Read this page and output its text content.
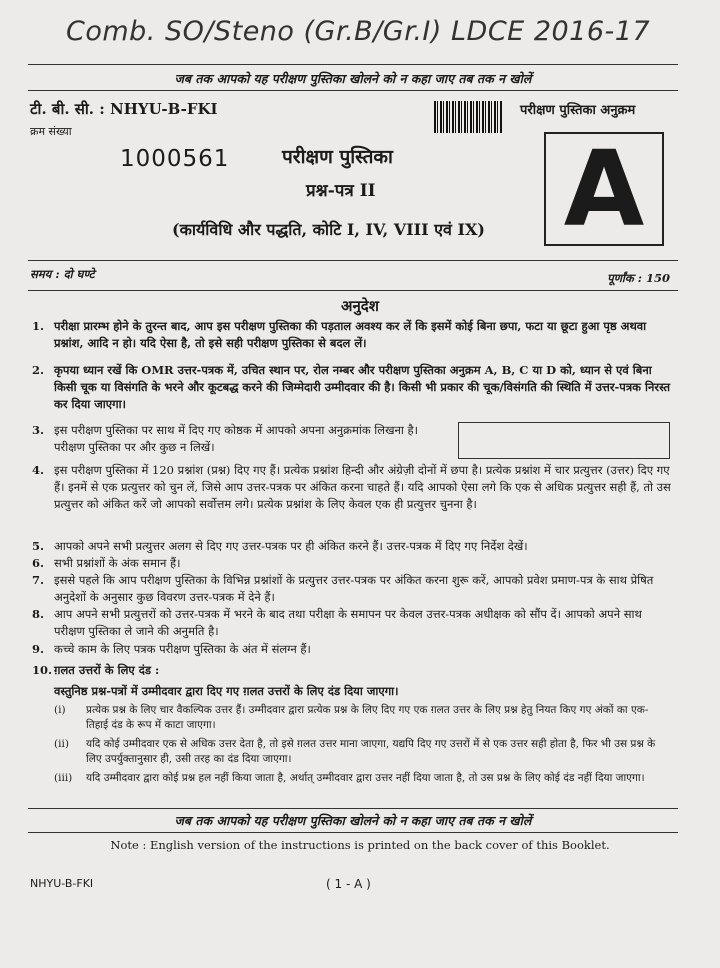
Comb. SO/Steno (Gr.B/Gr.I) LDCE 2016-17
जब तक आपको यह परीक्षण पुस्तिका खोलने को न कहा जाए तब तक न खोलें
टी. बी. सी. : NHYU-B-FKI
क्रम संख्या
1000561
परीक्षण पुस्तिका अनुक्रम
A
परीक्षण पुस्तिका
प्रश्न-पत्र II
(कार्यविधि और पद्धति, कोटि I, IV, VIII एवं IX)
समय : दो घण्टे	पूर्णांक : 150
अनुदेश
1. परीक्षा प्रारम्भ होने के तुरन्त बाद, आप इस परीक्षण पुस्तिका की पड़ताल अवश्य कर लें कि इसमें कोई बिना छपा, फटा या छूटा हुआ पृष्ठ अथवा प्रश्नांश, आदि न हो। यदि ऐसा है, तो इसे सही परीक्षण पुस्तिका से बदल लें।
2. कृपया ध्यान रखें कि OMR उत्तर-पत्रक में, उचित स्थान पर, रोल नम्बर और परीक्षण पुस्तिका अनुक्रम A, B, C या D को, ध्यान से एवं बिना किसी चूक या विसंगति के भरने और कूटबद्ध करने की जिम्मेदारी उम्मीदवार की है। किसी भी प्रकार की चूक/विसंगति की स्थिति में उत्तर-पत्रक निरस्त कर दिया जाएगा।
3. इस परीक्षण पुस्तिका पर साथ में दिए गए कोष्ठक में आपको अपना अनुक्रमांक लिखना है। परीक्षण पुस्तिका पर और कुछ न लिखें।
4. इस परीक्षण पुस्तिका में 120 प्रश्नांश (प्रश्न) दिए गए हैं। प्रत्येक प्रश्नांश हिन्दी और अंग्रेज़ी दोनों में छपा है। प्रत्येक प्रश्नांश में चार प्रत्युत्तर (उत्तर) दिए गए हैं। इनमें से एक प्रत्युत्तर को चुन लें, जिसे आप उत्तर-पत्रक पर अंकित करना चाहते हैं। यदि आपको ऐसा लगे कि एक से अधिक प्रत्युत्तर सही हैं, तो उस प्रत्युत्तर को अंकित करें जो आपको सर्वोत्तम लगे। प्रत्येक प्रश्नांश के लिए केवल एक ही प्रत्युत्तर चुनना है।
5. आपको अपने सभी प्रत्युत्तर अलग से दिए गए उत्तर-पत्रक पर ही अंकित करने हैं। उत्तर-पत्रक में दिए गए निर्देश देखें।
6. सभी प्रश्नांशों के अंक समान हैं।
7. इससे पहले कि आप परीक्षण पुस्तिका के विभिन्न प्रश्नांशों के प्रत्युत्तर उत्तर-पत्रक पर अंकित करना शुरू करें, आपको प्रवेश प्रमाण-पत्र के साथ प्रेषित अनुदेशों के अनुसार कुछ विवरण उत्तर-पत्रक में देने हैं।
8. आप अपने सभी प्रत्युत्तरों को उत्तर-पत्रक में भरने के बाद तथा परीक्षा के समापन पर केवल उत्तर-पत्रक अधीक्षक को सौंप दें। आपको अपने साथ परीक्षण पुस्तिका ले जाने की अनुमति है।
9. कच्चे काम के लिए पत्रक परीक्षण पुस्तिका के अंत में संलग्न हैं।
10. ग़लत उत्तरों के लिए दंड :
वस्तुनिष्ठ प्रश्न-पत्रों में उम्मीदवार द्वारा दिए गए ग़लत उत्तरों के लिए दंड दिया जाएगा।
(i) प्रत्येक प्रश्न के लिए चार वैकल्पिक उत्तर हैं। उम्मीदवार द्वारा प्रत्येक प्रश्न के लिए दिए गए एक ग़लत उत्तर के लिए प्रश्न हेतु नियत किए गए अंकों का एक-तिहाई दंड के रूप में काटा जाएगा।
(ii) यदि कोई उम्मीदवार एक से अधिक उत्तर देता है, तो इसे ग़लत उत्तर माना जाएगा, यद्यपि दिए गए उत्तरों में से एक उत्तर सही होता है, फिर भी उस प्रश्न के लिए उपर्युक्तानुसार ही, उसी तरह का दंड दिया जाएगा।
(iii) यदि उम्मीदवार द्वारा कोई प्रश्न हल नहीं किया जाता है, अर्थात् उम्मीदवार द्वारा उत्तर नहीं दिया जाता है, तो उस प्रश्न के लिए कोई दंड नहीं दिया जाएगा।
जब तक आपको यह परीक्षण पुस्तिका खोलने को न कहा जाए तब तक न खोलें
Note : English version of the instructions is printed on the back cover of this Booklet.
NHYU-B-FKI	( 1 - A )
